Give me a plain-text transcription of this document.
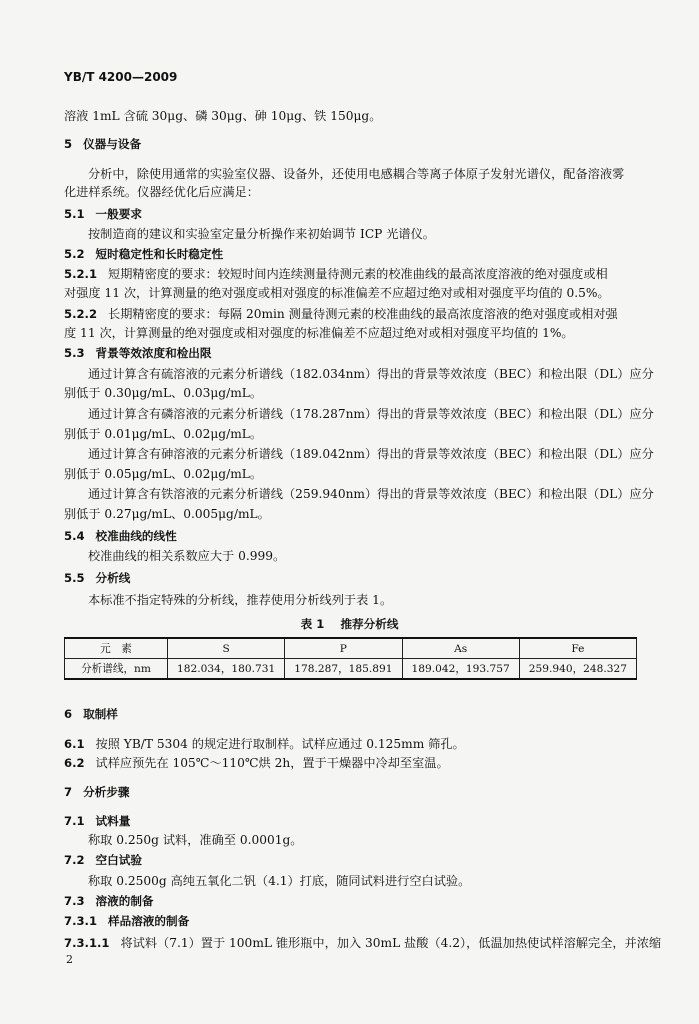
YB/T 4200—2009
溶液 1mL 含硫 30μg、磷 30μg、砷 10μg、铁 150μg。
5 仪器与设备
分析中，除使用通常的实验室仪器、设备外，还使用电感耦合等离子体原子发射光谱仪，配备溶液雾
化进样系统。仪器经优化后应满足：
5.1 一般要求
按制造商的建议和实验室定量分析操作来初始调节 ICP 光谱仪。
5.2 短时稳定性和长时稳定性
5.2.1 短期精密度的要求：较短时间内连续测量待测元素的校准曲线的最高浓度溶液的绝对强度或相
对强度 11 次，计算测量的绝对强度或相对强度的标准偏差不应超过绝对或相对强度平均值的 0.5%。
5.2.2 长期精密度的要求：每隔 20min 测量待测元素的校准曲线的最高浓度溶液的绝对强度或相对强
度 11 次，计算测量的绝对强度或相对强度的标准偏差不应超过绝对或相对强度平均值的 1%。
5.3 背景等效浓度和检出限
通过计算含有硫溶液的元素分析谱线（182.034nm）得出的背景等效浓度（BEC）和检出限（DL）应分
别低于 0.30μg/mL、0.03μg/mL。
通过计算含有磷溶液的元素分析谱线（178.287nm）得出的背景等效浓度（BEC）和检出限（DL）应分
别低于 0.01μg/mL、0.02μg/mL。
通过计算含有砷溶液的元素分析谱线（189.042nm）得出的背景等效浓度（BEC）和检出限（DL）应分
别低于 0.05μg/mL、0.02μg/mL。
通过计算含有铁溶液的元素分析谱线（259.940nm）得出的背景等效浓度（BEC）和检出限（DL）应分
别低于 0.27μg/mL、0.005μg/mL。
5.4 校准曲线的线性
校准曲线的相关系数应大于 0.999。
5.5 分析线
本标准不指定特殊的分析线，推荐使用分析线列于表 1。
表 1 推荐分析线
元　素	S	P	As	Fe
分析谱线，nm	182.034，180.731	178.287，185.891	189.042，193.757	259.940，248.327
6 取制样
6.1 按照 YB/T 5304 的规定进行取制样。试样应通过 0.125mm 筛孔。
6.2 试样应预先在 105℃～110℃烘 2h，置于干燥器中冷却至室温。
7 分析步骤
7.1 试料量
称取 0.250g 试料，准确至 0.0001g。
7.2 空白试验
称取 0.2500g 高纯五氧化二钒（4.1）打底，随同试料进行空白试验。
7.3 溶液的制备
7.3.1 样品溶液的制备
7.3.1.1 将试料（7.1）置于 100mL 锥形瓶中，加入 30mL 盐酸（4.2），低温加热使试样溶解完全，并浓缩
2
